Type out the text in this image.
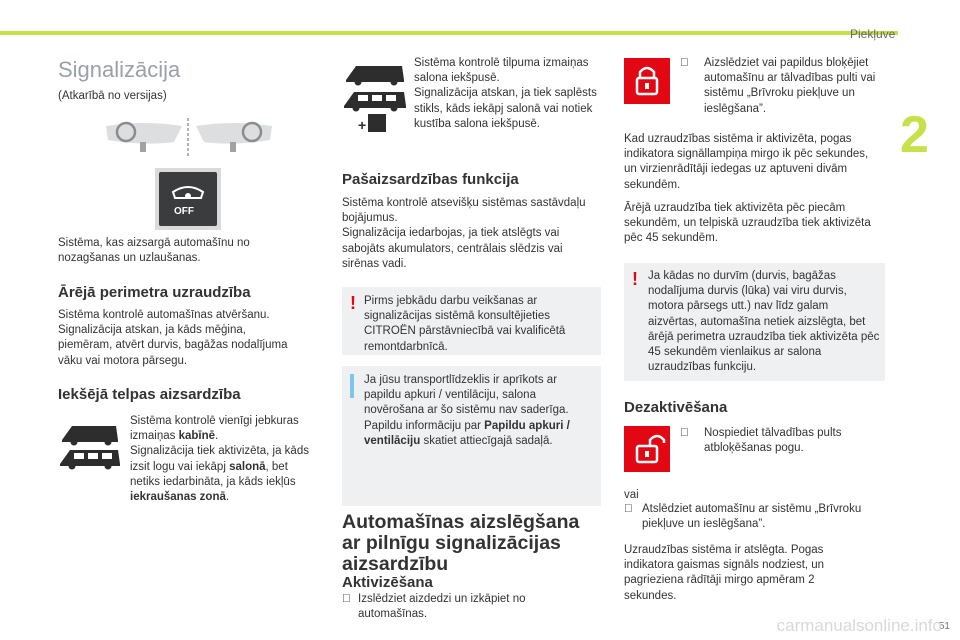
Piekļuve
2
Signalizācija
(Atkarībā no versijas)
OFF
Sistēma, kas aizsargā automašīnu no nozagšanas un uzlaušanas.
Ārējā perimetra uzraudzība
Sistēma kontrolē automašīnas atvēršanu.
Signalizācija atskan, ja kāds mēģina, piemēram, atvērt durvis, bagāžas nodalījuma vāku vai motora pārsegu.
Iekšējā telpas aizsardzība
Sistēma kontrolē vienīgi jebkuras izmaiņas kabīnē.
Signalizācija tiek aktivizēta, ja kāds izsit logu vai iekāpj salonā, bet netiks iedarbināta, ja kāds iekļūs iekraušanas zonā.
+
Sistēma kontrolē tilpuma izmaiņas salona iekšpusē.
Signalizācija atskan, ja tiek saplēsts stikls, kāds iekāpj salonā vai notiek kustība salona iekšpusē.
Pašaizsardzības funkcija
Sistēma kontrolē atsevišķu sistēmas sastāvdaļu bojājumus.
Signalizācija iedarbojas, ja tiek atslēgts vai sabojāts akumulators, centrālais slēdzis vai sirēnas vadi.
! Pirms jebkādu darbu veikšanas ar signalizācijas sistēmā konsultējieties CITROËN pārstāvniecībā vai kvalificētā remontdarbnīcā.
Ja jūsu transportlīdzeklis ir aprīkots ar papildu apkuri / ventilāciju, salona novērošana ar šo sistēmu nav saderīga.
Papildu informāciju par Papildu apkuri / ventilāciju skatiet attiecīgajā sadaļā.
Automašīnas aizslēgšana
ar pilnīgu signalizācijas
aizsardzību
Aktivizēšana
Izslēdziet aizdedzi un izkāpiet no automašīnas.
Aizslēdziet vai papildus bloķējiet automašīnu ar tālvadības pulti vai sistēmu „Brīvroku piekļuve un ieslēgšana”.
Kad uzraudzības sistēma ir aktivizēta, pogas indikatora signāllampiņa mirgo ik pēc sekundes, un virzienrādītāji iedegas uz aptuveni divām sekundēm.
Ārējā uzraudzība tiek aktivizēta pēc piecām sekundēm, un telpiskā uzraudzība tiek aktivizēta pēc 45 sekundēm.
! Ja kādas no durvīm (durvis, bagāžas nodalījuma durvis (lūka) vai viru durvis, motora pārsegs utt.) nav līdz galam aizvērtas, automašīna netiek aizslēgta, bet ārējā perimetra uzraudzība tiek aktivizēta pēc 45 sekundēm vienlaikus ar salona uzraudzības funkciju.
Dezaktivēšana
Nospiediet tālvadības pults atbloķēšanas pogu.
vai
Atslēdziet automašīnu ar sistēmu „Brīvroku piekļuve un ieslēgšana”.
Uzraudzības sistēma ir atslēgta. Pogas indikatora gaismas signāls nodziest, un pagrieziena rādītāji mirgo apmēram 2 sekundes.
51
carmanualsonline.info
